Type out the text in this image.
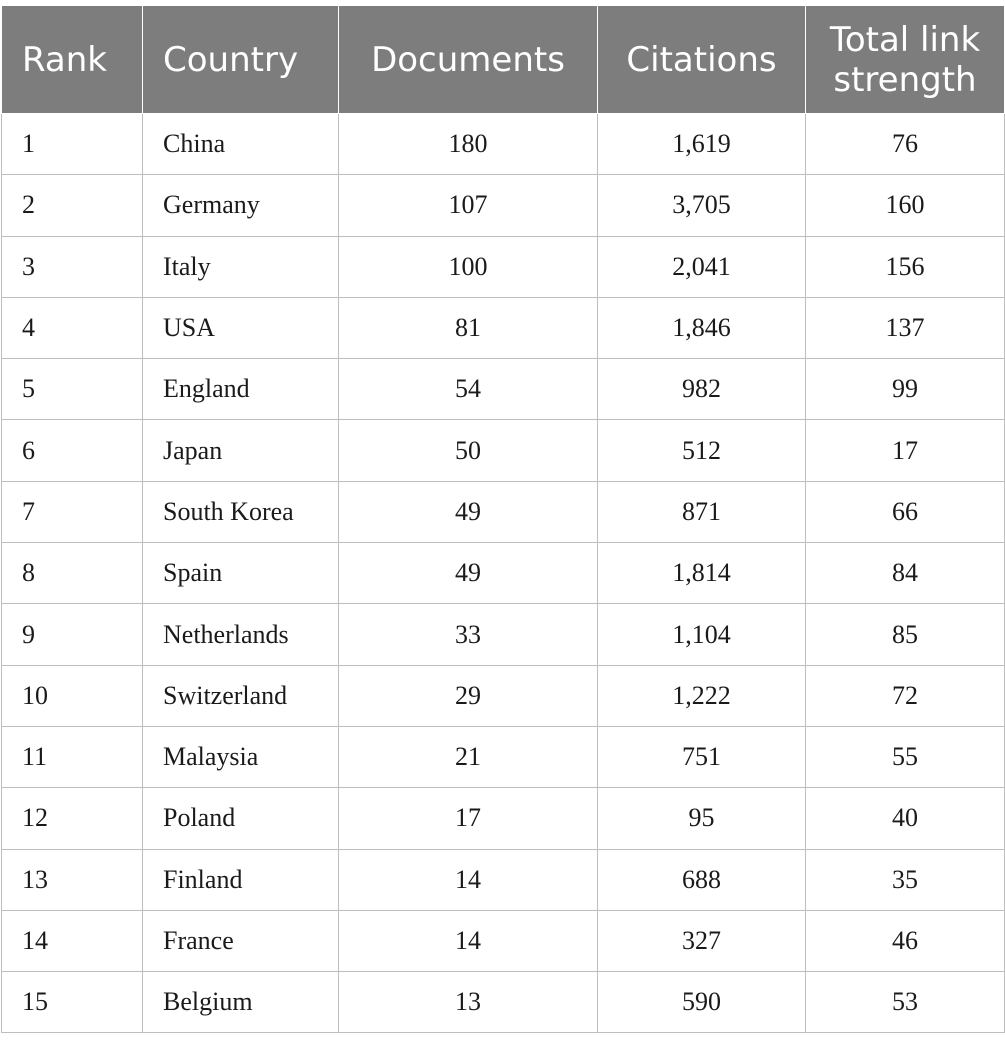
Rank	Country	Documents	Citations	Total link strength
1	China	180	1,619	76
2	Germany	107	3,705	160
3	Italy	100	2,041	156
4	USA	81	1,846	137
5	England	54	982	99
6	Japan	50	512	17
7	South Korea	49	871	66
8	Spain	49	1,814	84
9	Netherlands	33	1,104	85
10	Switzerland	29	1,222	72
11	Malaysia	21	751	55
12	Poland	17	95	40
13	Finland	14	688	35
14	France	14	327	46
15	Belgium	13	590	53
